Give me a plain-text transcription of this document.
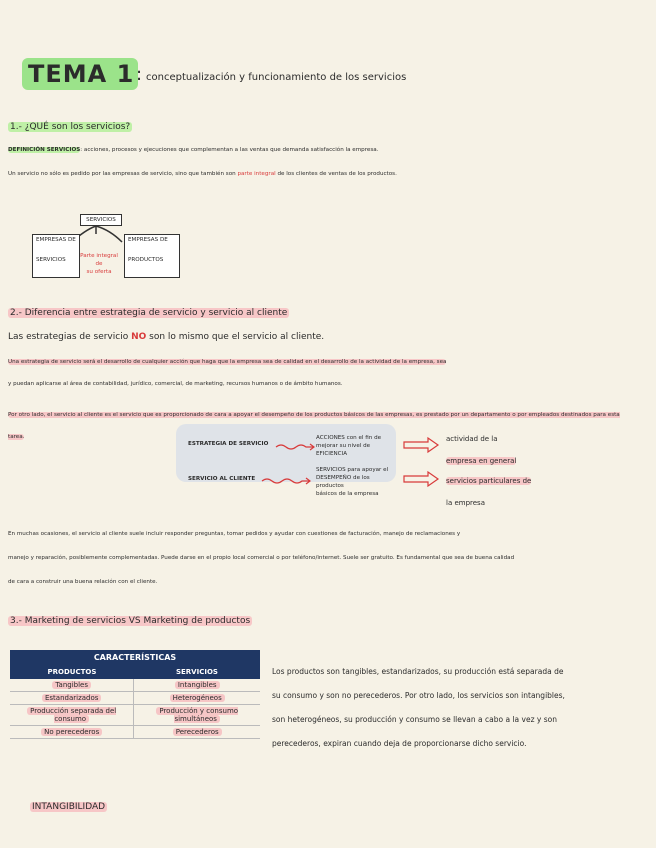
TEMA 1 : conceptualización y funcionamiento de los servicios
1.- ¿QUÉ son los servicios?
DEFINICIÓN SERVICIOS: acciones, procesos y ejecuciones que complementan a las ventas que demanda satisfacción la empresa.
Un servicio no sólo es pedido por las empresas de servicio, sino que también son parte integral de los clientes de ventas de los productos.
SERVICIOS
EMPRESAS DE
SERVICIOS
Parte integral de
su oferta
EMPRESAS DE
PRODUCTOS
2.- Diferencia entre estrategia de servicio y servicio al cliente
Las estrategias de servicio NO son lo mismo que el servicio al cliente.
Una estrategia de servicio será el desarrollo de cualquier acción que haga que la empresa sea de calidad en el desarrollo de la actividad de la empresa, sea
y puedan aplicarse al área de contabilidad, jurídico, comercial, de marketing, recursos humanos o de ámbito humanos.
Por otro lado, el servicio al cliente es el servicio que es proporcionado de cara a apoyar el desempeño de los productos básicos de las empresas, es prestado por un departamento o por empleados destinados para esta tarea.
ESTRATEGIA DE SERVICIO
ACCIONES con el fin de
mejorar su nivel de EFICIENCIA
actividad de la
empresa en general
SERVICIO AL CLIENTE
SERVICIOS para apoyar el
DESEMPEÑO de los productos
básicos de la empresa
servicios particulares de
la empresa
En muchas ocasiones, el servicio al cliente suele incluir responder preguntas, tomar pedidos y ayudar con cuestiones de facturación, manejo de reclamaciones y
manejo y reparación, posiblemente complementadas. Puede darse en el propio local comercial o por teléfono/internet. Suele ser gratuito. Es fundamental que sea de buena calidad
de cara a construir una buena relación con el cliente.
3.- Marketing de servicios VS Marketing de productos
CARACTERÍSTICAS	
PRODUCTOS	SERVICIOS
Tangibles	Intangibles
Estandarizados	Heterogéneos
Producción separada del consumo	Producción y consumo simultáneos
No perecederos	Perecederos
Los productos son tangibles, estandarizados, su producción está separada de
su consumo y son no perecederos. Por otro lado, los servicios son intangibles,
son heterogéneos, su producción y consumo se llevan a cabo a la vez y son
perecederos, expiran cuando deja de proporcionarse dicho servicio.
INTANGIBILIDAD
